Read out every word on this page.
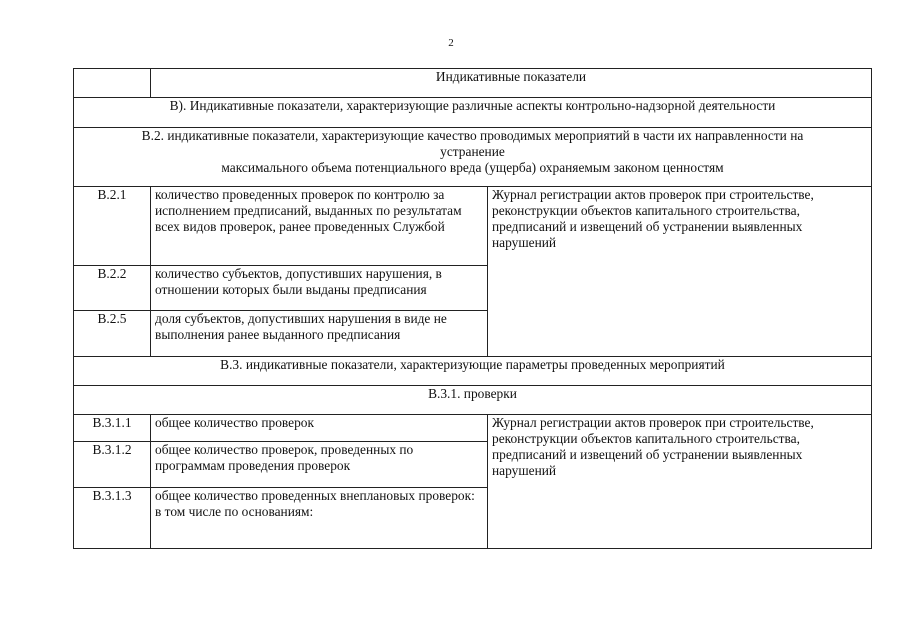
2
	Индикативные показатели	
В). Индикативные показатели, характеризующие различные аспекты контрольно-надзорной деятельности		

В.2. индикативные показатели, характеризующие качество проводимых мероприятий в части их направленности на
устранение
максимального объема потенциального вреда (ущерба) охраняемым законом ценностям		

В.2.1	количество проведенных проверок по контролю за исполнением предписаний, выданных по результатам всех видов проверок, ранее проведенных Службой	Журнал регистрации актов проверок при строительстве, реконструкции объектов капитального строительства, предписаний и извещений об устранении выявленных нарушений
В.2.2	количество субъектов, допустивших нарушения, в отношении которых были выданы предписания	
В.2.5	доля субъектов, допустивших нарушения в виде не выполнения ранее выданного предписания	
В.3. индикативные показатели, характеризующие параметры проведенных мероприятий		
В.3.1. проверки		
В.3.1.1	общее количество проверок	Журнал регистрации актов проверок при строительстве, реконструкции объектов капитального строительства, предписаний и извещений об устранении выявленных нарушений
В.3.1.2	общее количество проверок, проведенных по программам проведения проверок	
В.3.1.3	общее количество проведенных внеплановых проверок:
в том числе по основаниям:	
